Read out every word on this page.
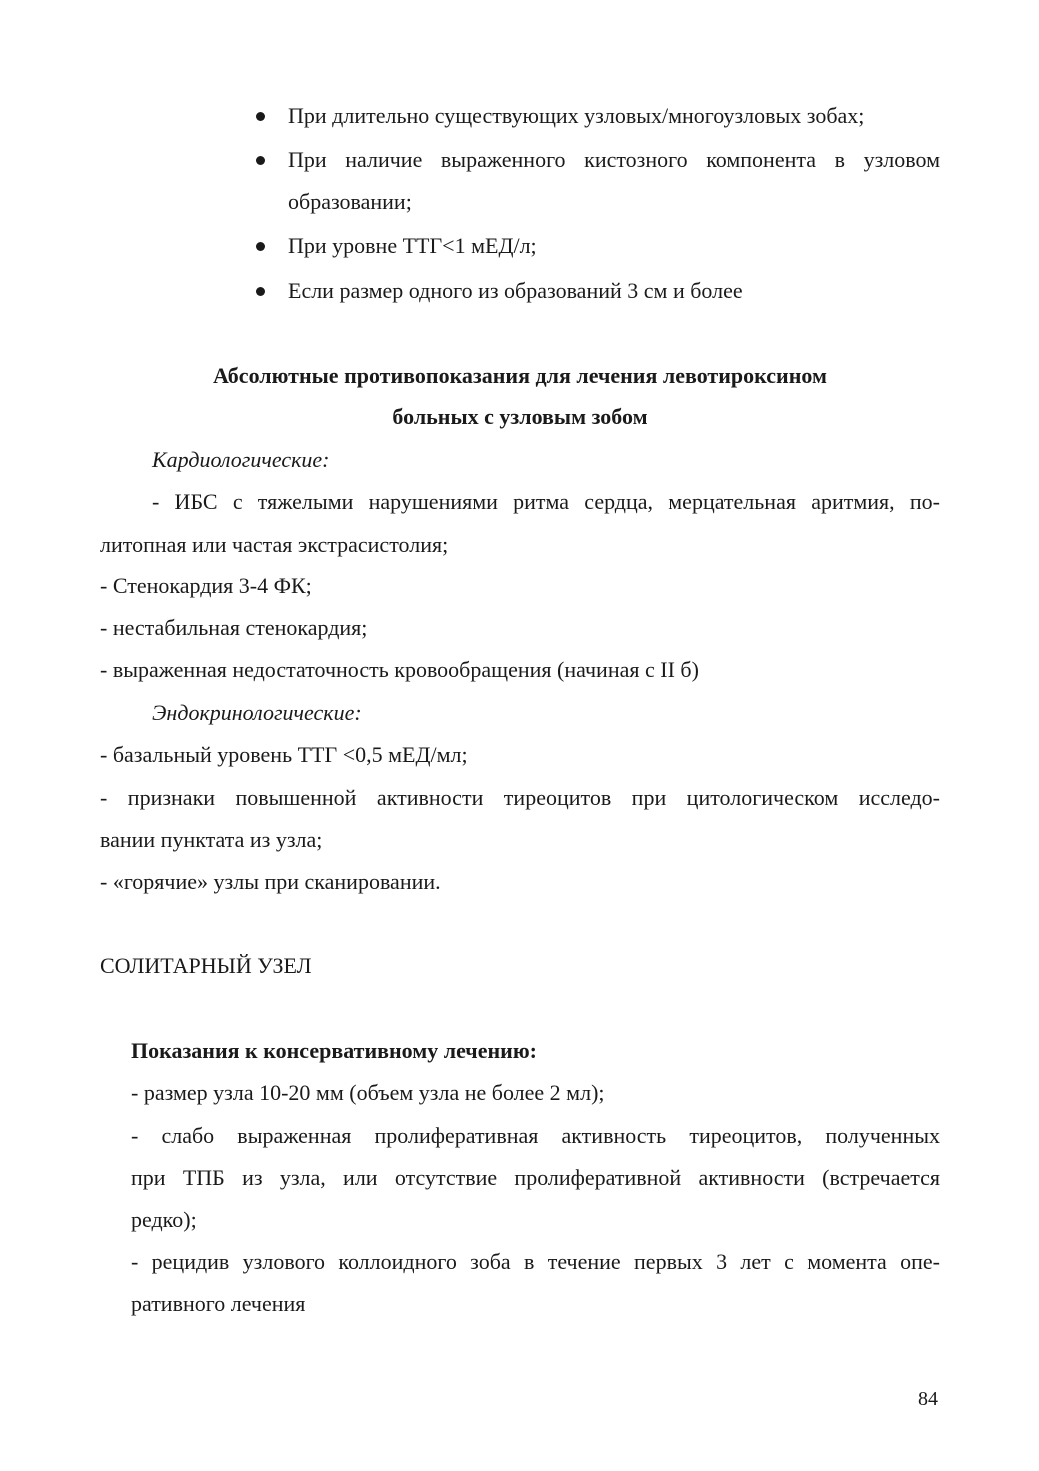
При длительно существующих узловых/многоузловых зобах;
При наличие выраженного кистозного компонента в узловом
образовании;
При уровне ТТГ<1 мЕД/л;
Если размер одного из образований 3 см и более
Абсолютные противопоказания для лечения левотироксином
больных с узловым зобом
Кардиологические:
- ИБС с тяжелыми нарушениями ритма сердца, мерцательная аритмия, по-
литопная или частая экстрасистолия;
- Стенокардия 3-4 ФК;
- нестабильная стенокардия;
- выраженная недостаточность кровообращения (начиная с II б)
Эндокринологические:
- базальный уровень ТТГ <0,5 мЕД/мл;
- признаки повышенной активности тиреоцитов при цитологическом исследо-
вании пунктата из узла;
- «горячие» узлы при сканировании.
СОЛИТАРНЫЙ УЗЕЛ
Показания к консервативному лечению:
- размер узла 10-20 мм (объем узла не более 2 мл);
- слабо выраженная пролиферативная активность тиреоцитов, полученных
при ТПБ из узла, или отсутствие пролиферативной активности (встречается
редко);
- рецидив узлового коллоидного зоба в течение первых 3 лет с момента опе-
ративного лечения
84
